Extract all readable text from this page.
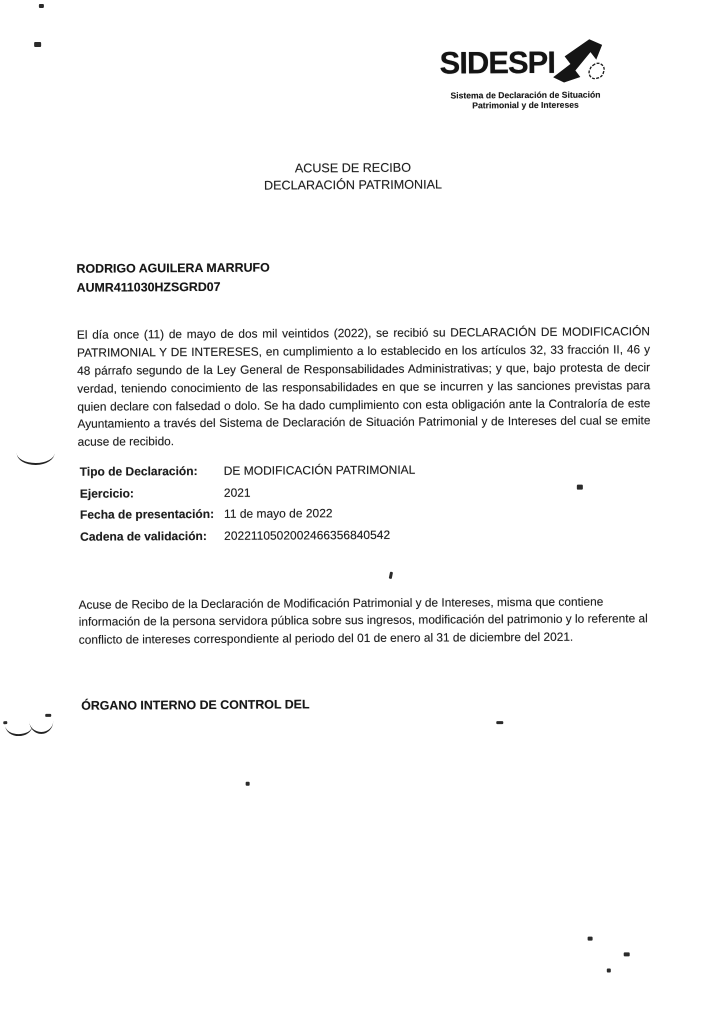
SIDESPI
Sistema de Declaración de Situación
Patrimonial y de Intereses
ACUSE DE RECIBO
DECLARACIÓN PATRIMONIAL
RODRIGO AGUILERA MARRUFO
AUMR411030HZSGRD07

El día once (11) de mayo de dos mil veintidos (2022), se recibió su DECLARACIÓN DE MODIFICACIÓN PATRIMONIAL Y DE INTERESES, en cumplimiento a lo establecido en los artículos 32, 33 fracción II, 46 y 48 párrafo segundo de la Ley General de Responsabilidades Administrativas; y que, bajo protesta de decir verdad, teniendo conocimiento de las responsabilidades en que se incurren y las sanciones previstas para quien declare con falsedad o dolo. Se ha dado cumplimiento con esta obligación ante la Contraloría de este Ayuntamiento a través del Sistema de Declaración de Situación Patrimonial y de Intereses del cual se emite acuse de recibido.

Tipo de Declaración:	DE MODIFICACIÓN PATRIMONIAL
Ejercicio:	2021
Fecha de presentación: 11 de mayo de 2022
Cadena de validación:	2022110502002466356840542

Acuse de Recibo de la Declaración de Modificación Patrimonial y de Intereses, misma que contiene información de la persona servidora pública sobre sus ingresos, modificación del patrimonio y lo referente al conflicto de intereses correspondiente al periodo del 01 de enero al 31 de diciembre del 2021.

ÓRGANO INTERNO DE CONTROL DEL
